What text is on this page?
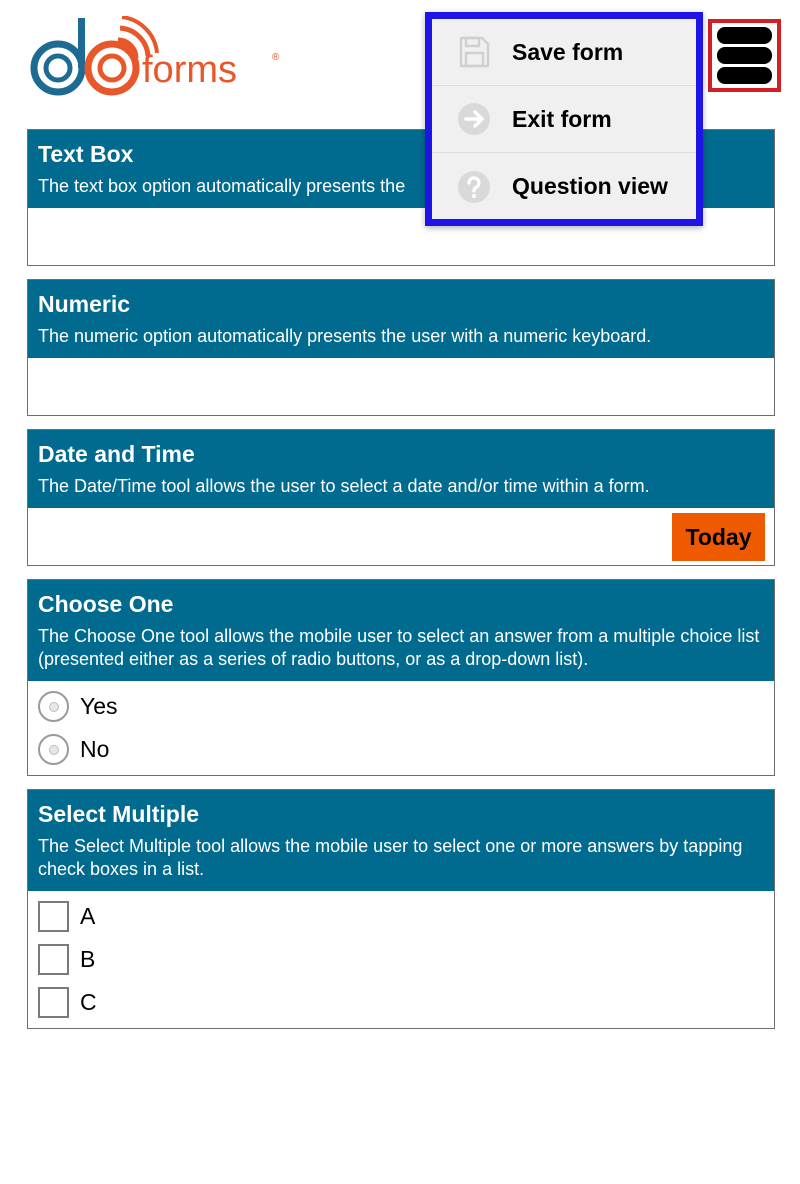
forms	®
Text Box
The text box option automatically presents the
Numeric
The numeric option automatically presents the user with a numeric keyboard.
Date and Time
The Date/Time tool allows the user to select a date and/or time within a form.
Today
Choose One
The Choose One tool allows the mobile user to select an answer from a multiple choice list (presented either as a series of radio buttons, or as a drop-down list).
Yes
No
Select Multiple
The Select Multiple tool allows the mobile user to select one or more answers by tapping check boxes in a list.
A
B
C
Save form
Exit form
Question view
